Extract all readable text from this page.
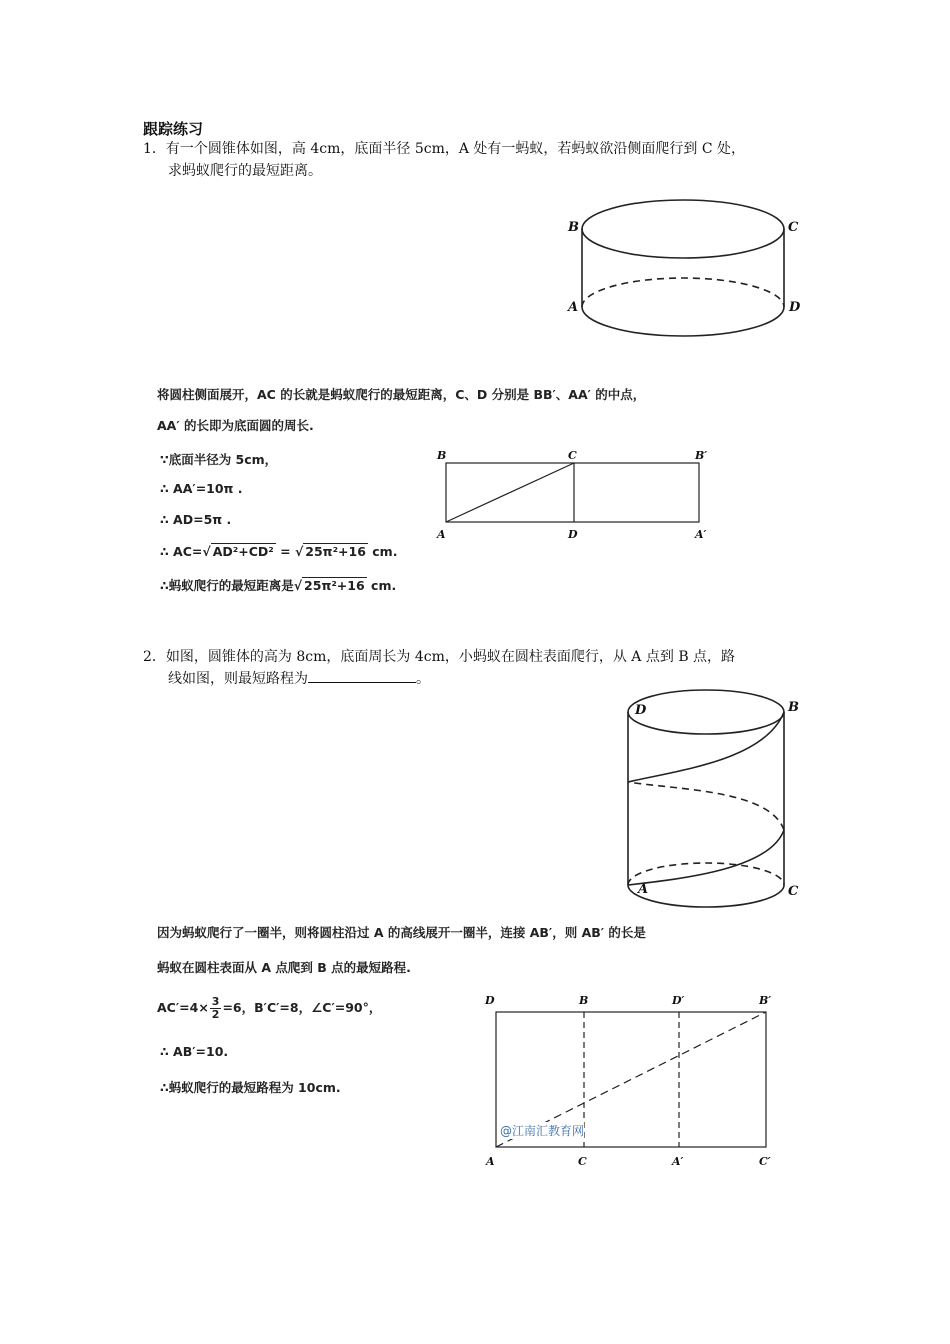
跟踪练习
1．有一个圆锥体如图，高 4cm，底面半径 5cm，A 处有一蚂蚁，若蚂蚁欲沿侧面爬行到 C 处，
求蚂蚁爬行的最短距离。
B	C
A	D
将圆柱侧面展开，AC 的长就是蚂蚁爬行的最短距离，C、D 分别是 BB′、AA′ 的中点，
AA′ 的长即为底面圆的周长.
∵底面半径为 5cm，
∴ AA′=10π .
∴ AD=5π .
∴ AC=√ AD²+CD² = √ 25π²+16 cm.
∴蚂蚁爬行的最短距离是√ 25π²+16 cm.
B	C	B′
A	D	A′
2．如图，圆锥体的高为 8cm，底面周长为 4cm，小蚂蚁在圆柱表面爬行，从 A 点到 B 点，路
线如图，则最短路程为	。
D	B
A	C
因为蚂蚁爬行了一圈半，则将圆柱沿过 A 的高线展开一圈半，连接 AB′，则 AB′ 的长是
蚂蚁在圆柱表面从 A 点爬到 B 点的最短路程.
$AC'=4\times \frac{3}{2}=6$，B′C′=8，∠C′=90°，
∴ AB′=10.
∴蚂蚁爬行的最短路程为 10cm.
D	B	D′	B′
A	C	A′	C′
@江南汇教育网
